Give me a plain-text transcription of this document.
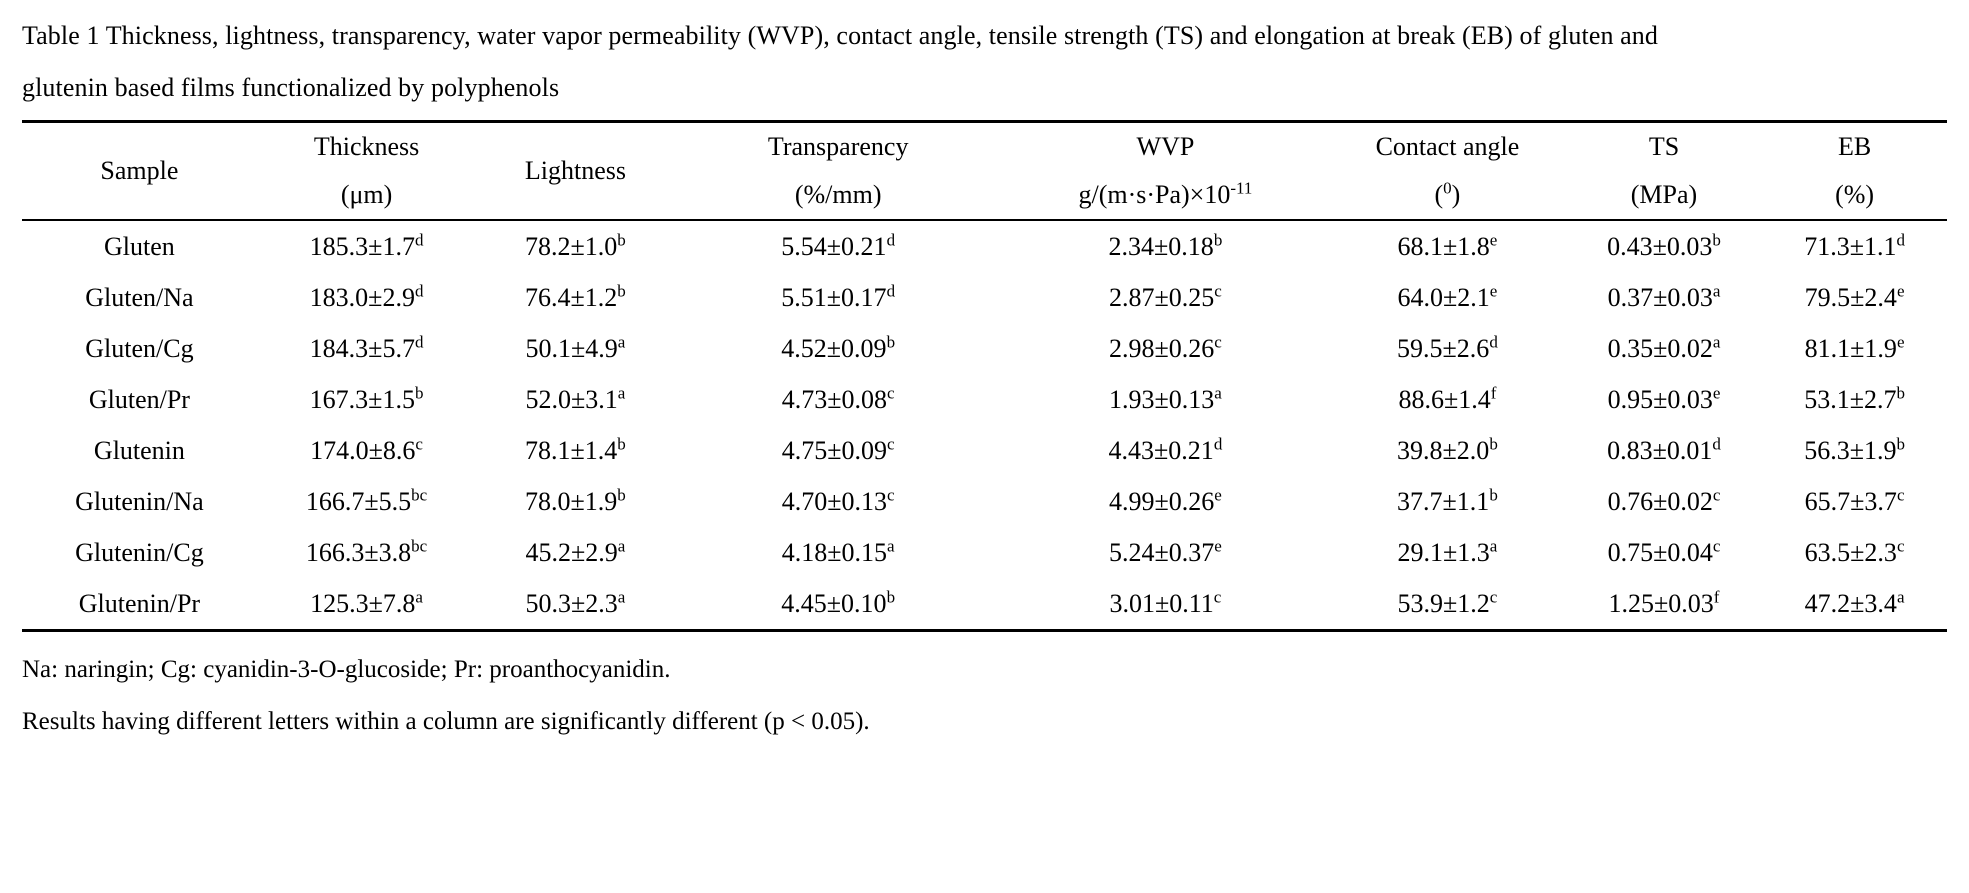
Table 1 Thickness, lightness, transparency, water vapor permeability (WVP), contact angle, tensile strength (TS) and elongation at break (EB) of gluten and
glutenin based films functionalized by polyphenols
Sample	Thickness	Lightness	Transparency	WVP	Contact angle	TS	EB
	(μm)		(%/mm)	$g/(m\cdot s\cdot Pa)\times 10^{-11}$	($^0$)	(MPa)	(%)
Gluten	185.3±1.7$^d$	78.2±1.0$^b$	5.54±0.21$^d$	2.34±0.18$^b$	68.1±1.8$^e$	0.43±0.03$^b$	71.3±1.1$^d$
Gluten/Na	183.0±2.9$^d$	76.4±1.2$^b$	5.51±0.17$^d$	2.87±0.25$^c$	64.0±2.1$^e$	0.37±0.03$^a$	79.5±2.4$^e$
Gluten/Cg	184.3±5.7$^d$	50.1±4.9$^a$	4.52±0.09$^b$	2.98±0.26$^c$	59.5±2.6$^d$	0.35±0.02$^a$	81.1±1.9$^e$
Gluten/Pr	167.3±1.5$^b$	52.0±3.1$^a$	4.73±0.08$^c$	1.93±0.13$^a$	88.6±1.4$^f$	0.95±0.03$^e$	53.1±2.7$^b$
Glutenin	174.0±8.6$^c$	78.1±1.4$^b$	4.75±0.09$^c$	4.43±0.21$^d$	39.8±2.0$^b$	0.83±0.01$^d$	56.3±1.9$^b$
Glutenin/Na	166.7±5.5$^{bc}$	78.0±1.9$^b$	4.70±0.13$^c$	4.99±0.26$^e$	37.7±1.1$^b$	0.76±0.02$^c$	65.7±3.7$^c$
Glutenin/Cg	166.3±3.8$^{bc}$	45.2±2.9$^a$	4.18±0.15$^a$	5.24±0.37$^e$	29.1±1.3$^a$	0.75±0.04$^c$	63.5±2.3$^c$
Glutenin/Pr	125.3±7.8$^a$	50.3±2.3$^a$	4.45±0.10$^b$	3.01±0.11$^c$	53.9±1.2$^c$	1.25±0.03$^f$	47.2±3.4$^a$
Na: naringin; Cg: cyanidin-3-O-glucoside; Pr: proanthocyanidin.
Results having different letters within a column are significantly different (p < 0.05).
